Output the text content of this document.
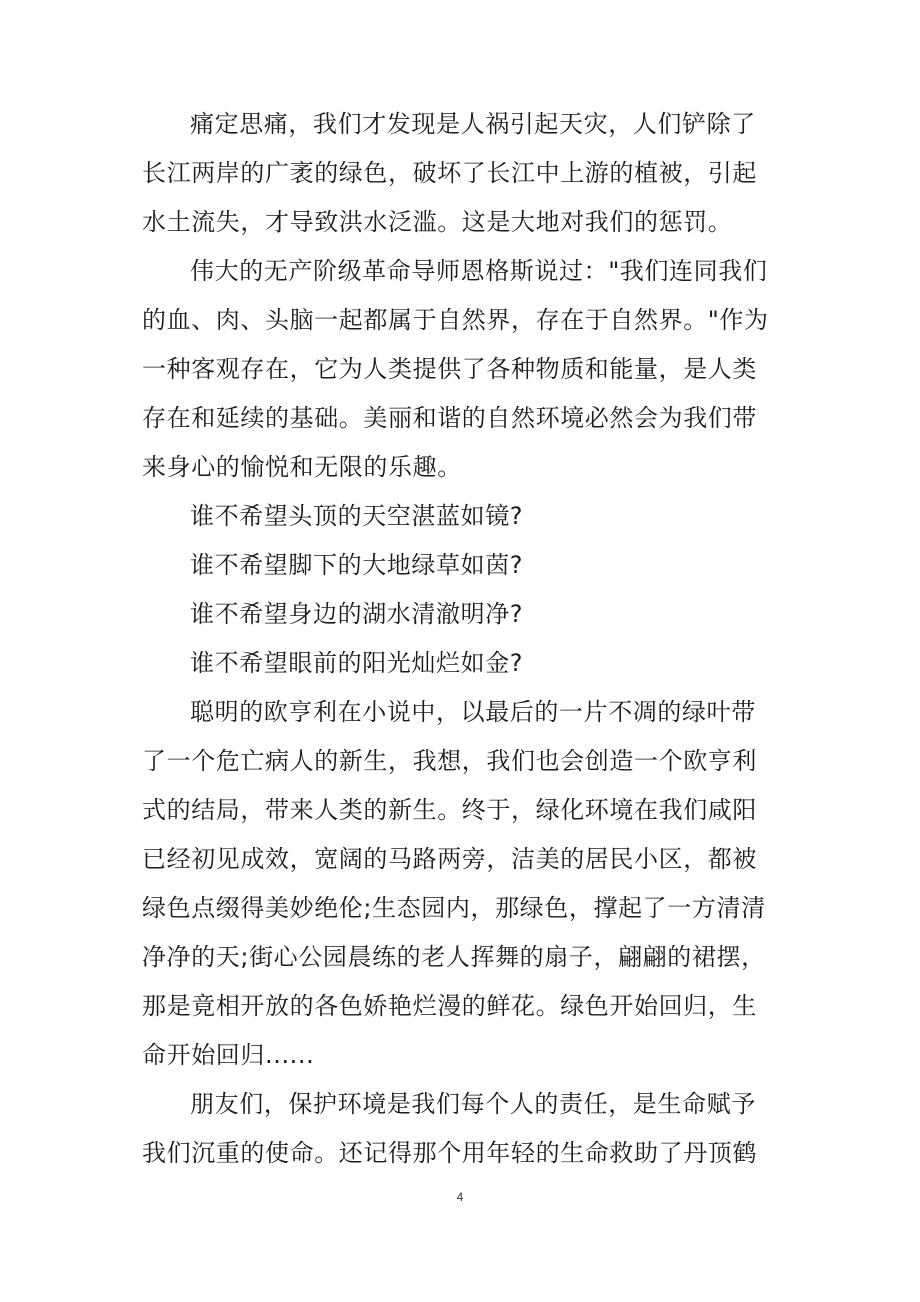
痛定思痛，我们才发现是人祸引起天灾，人们铲除了
长江两岸的广袤的绿色，破坏了长江中上游的植被，引起
水土流失，才导致洪水泛滥。这是大地对我们的惩罚。
伟大的无产阶级革命导师恩格斯说过："我们连同我们
的血、肉、头脑一起都属于自然界，存在于自然界。"作为
一种客观存在，它为人类提供了各种物质和能量，是人类
存在和延续的基础。美丽和谐的自然环境必然会为我们带
来身心的愉悦和无限的乐趣。
谁不希望头顶的天空湛蓝如镜?
谁不希望脚下的大地绿草如茵?
谁不希望身边的湖水清澈明净?
谁不希望眼前的阳光灿烂如金?
聪明的欧亨利在小说中，以最后的一片不凋的绿叶带
了一个危亡病人的新生，我想，我们也会创造一个欧亨利
式的结局，带来人类的新生。终于，绿化环境在我们咸阳
已经初见成效，宽阔的马路两旁，洁美的居民小区，都被
绿色点缀得美妙绝伦;生态园内，那绿色，撑起了一方清清
净净的天;街心公园晨练的老人挥舞的扇子，翩翩的裙摆，
那是竟相开放的各色娇艳烂漫的鲜花。绿色开始回归，生
命开始回归......
朋友们，保护环境是我们每个人的责任，是生命赋予
我们沉重的使命。还记得那个用年轻的生命救助了丹顶鹤
4
